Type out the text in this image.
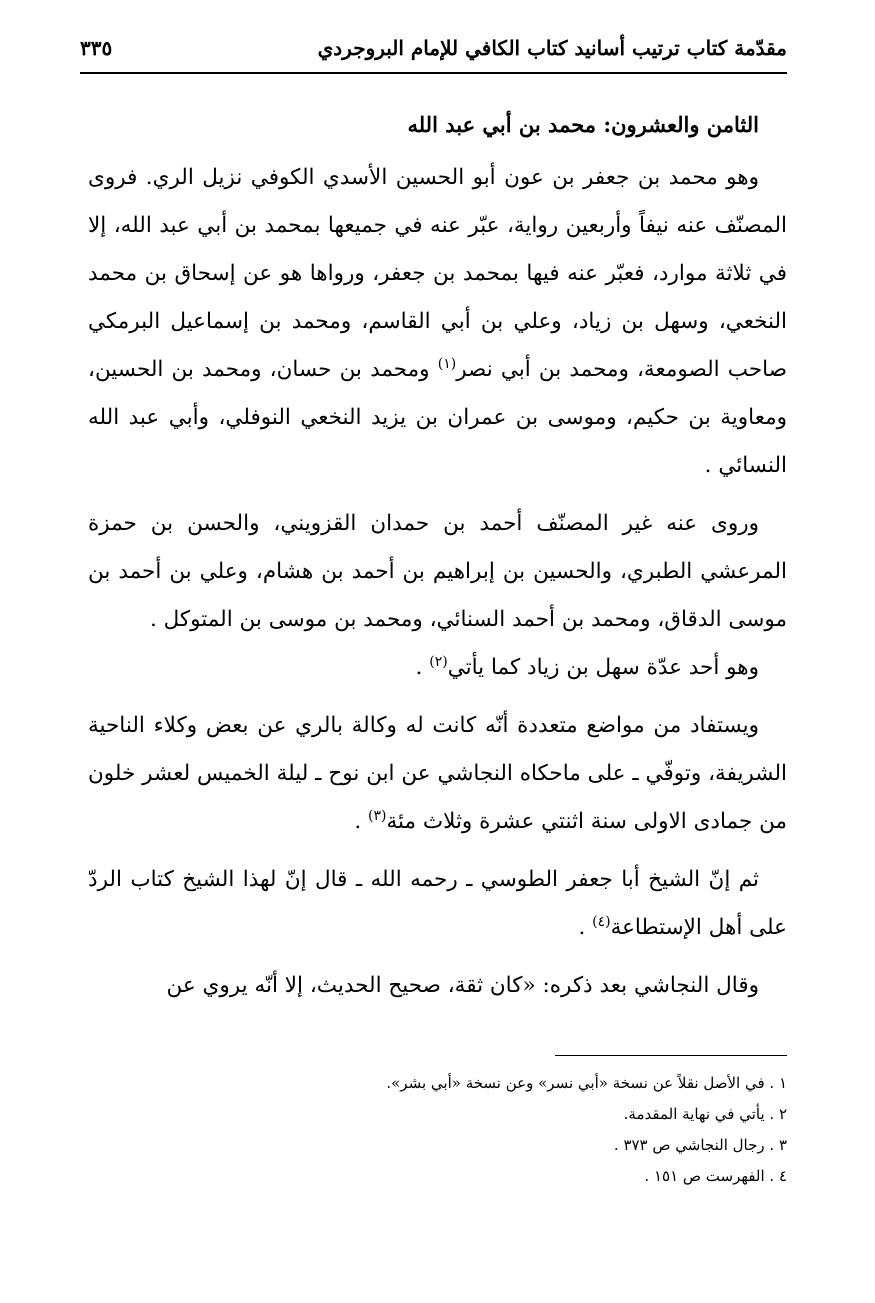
مقدّمة كتاب ترتيب أسانيد كتاب الكافي للإمام البروجردي
٣٣٥
الثامن والعشرون: محمد بن أبي عبد الله

وهو محمد بن جعفر بن عون أبو الحسين الأسدي الكوفي نزيل الري. فروى المصنّف عنه نيفاً وأربعين رواية، عبّر عنه في جميعها بمحمد بن أبي عبد الله، إلا في ثلاثة موارد، فعبّر عنه فيها بمحمد بن جعفر، ورواها هو عن إسحاق بن محمد النخعي، وسهل بن زياد، وعلي بن أبي القاسم، ومحمد بن إسماعيل البرمكي صاحب الصومعة، ومحمد بن أبي نصر$^{(١)}$ ومحمد بن حسان، ومحمد بن الحسين، ومعاوية بن حكيم، وموسى بن عمران بن يزيد النخعي النوفلي، وأبي عبد الله النسائي .

وروى عنه غير المصنّف أحمد بن حمدان القزويني، والحسن بن حمزة المرعشي الطبري، والحسين بن إبراهيم بن أحمد بن هشام، وعلي بن أحمد بن موسى الدقاق، ومحمد بن أحمد السنائي، ومحمد بن موسى بن المتوكل .

وهو أحد عدّة سهل بن زياد كما يأتي$^{(٢)}$ .

ويستفاد من مواضع متعددة أنّه كانت له وكالة بالري عن بعض وكلاء الناحية الشريفة، وتوفّي ـ على ماحكاه النجاشي عن ابن نوح ـ ليلة الخميس لعشر خلون من جمادى الاولى سنة اثنتي عشرة وثلاث مئة$^{(٣)}$ .

ثم إنّ الشيخ أبا جعفر الطوسي ـ رحمه الله ـ قال إنّ لهذا الشيخ كتاب الردّ على أهل الإستطاعة$^{(٤)}$ .

وقال النجاشي بعد ذكره: «كان ثقة، صحيح الحديث، إلا أنّه يروي عن

١ . في الأصل نقلاً عن نسخة «أبي نسر» وعن نسخة «أبي بشر».
٢ . يأتي في نهاية المقدمة.
٣ . رجال النجاشي ص ٣٧٣ .
٤ . الفهرست ص ١٥١ .
